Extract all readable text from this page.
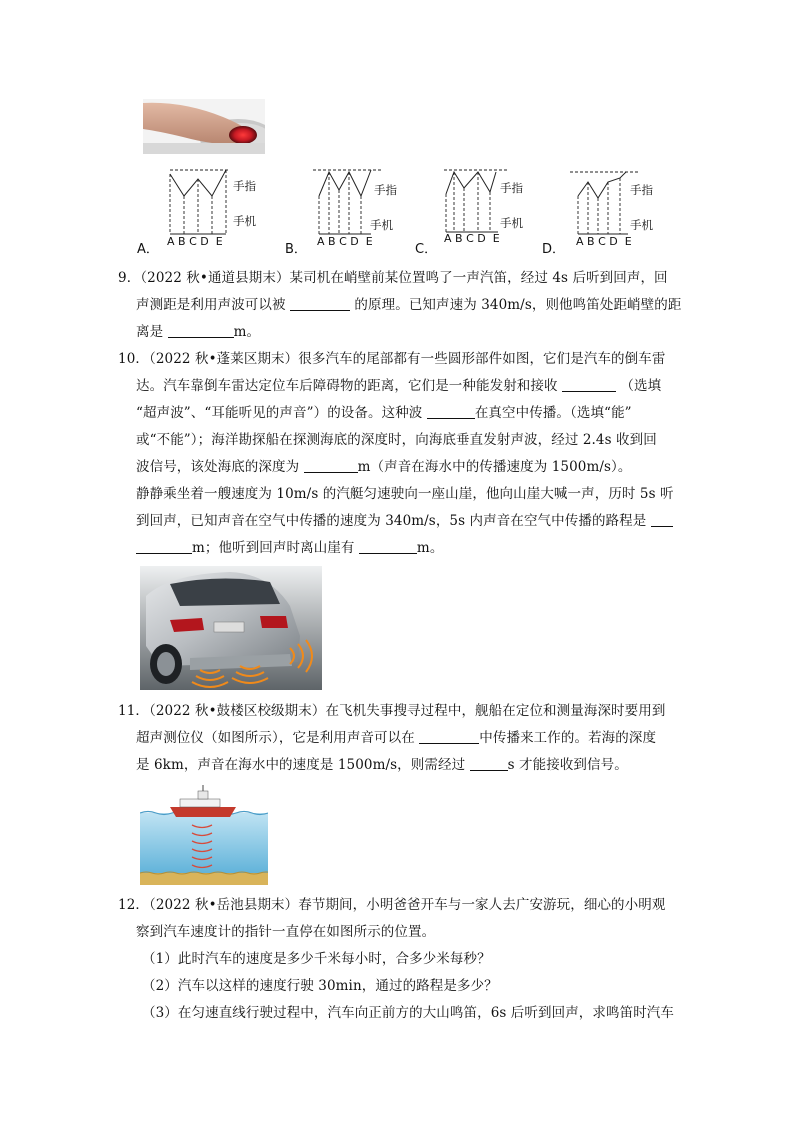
A．
手指
手机
A B C D  E
B．
手指
手机
A B C D  E
C．
手指
手机
A B C D  E
D．
手指
手机
A B C D  E
9．（2022 秋•通道县期末）某司机在峭壁前某位置鸣了一声汽笛，经过 4s 后听到回声，回
声测距是利用声波可以被	的原理。已知声速为 340m/s，则他鸣笛处距峭壁的距
离是	m。
10．（2022 秋•蓬莱区期末）很多汽车的尾部都有一些圆形部件如图，它们是汽车的倒车雷
达。汽车靠倒车雷达定位车后障碍物的距离，它们是一种能发射和接收	（选填
“超声波”、“耳能听见的声音”）的设备。这种波	在真空中传播。（选填“能”
或“不能”）；海洋勘探船在探测海底的深度时，向海底垂直发射声波，经过 2.4s 收到回
波信号，该处海底的深度为	m（声音在海水中的传播速度为 1500m/s）。
静静乘坐着一艘速度为 10m/s 的汽艇匀速驶向一座山崖，他向山崖大喊一声，历时 5s 听
到回声，已知声音在空气中传播的速度为 340m/s，5s 内声音在空气中传播的路程是
m；他听到回声时离山崖有	m。
11．（2022 秋•鼓楼区校级期末）在飞机失事搜寻过程中，舰船在定位和测量海深时要用到
超声测位仪（如图所示），它是利用声音可以在	中传播来工作的。若海的深度
是 6km，声音在海水中的速度是 1500m/s，则需经过	s 才能接收到信号。
12．（2022 秋•岳池县期末）春节期间，小明爸爸开车与一家人去广安游玩，细心的小明观
察到汽车速度计的指针一直停在如图所示的位置。
（1）此时汽车的速度是多少千米每小时，合多少米每秒？
（2）汽车以这样的速度行驶 30min，通过的路程是多少？
（3）在匀速直线行驶过程中，汽车向正前方的大山鸣笛，6s 后听到回声，求鸣笛时汽车
